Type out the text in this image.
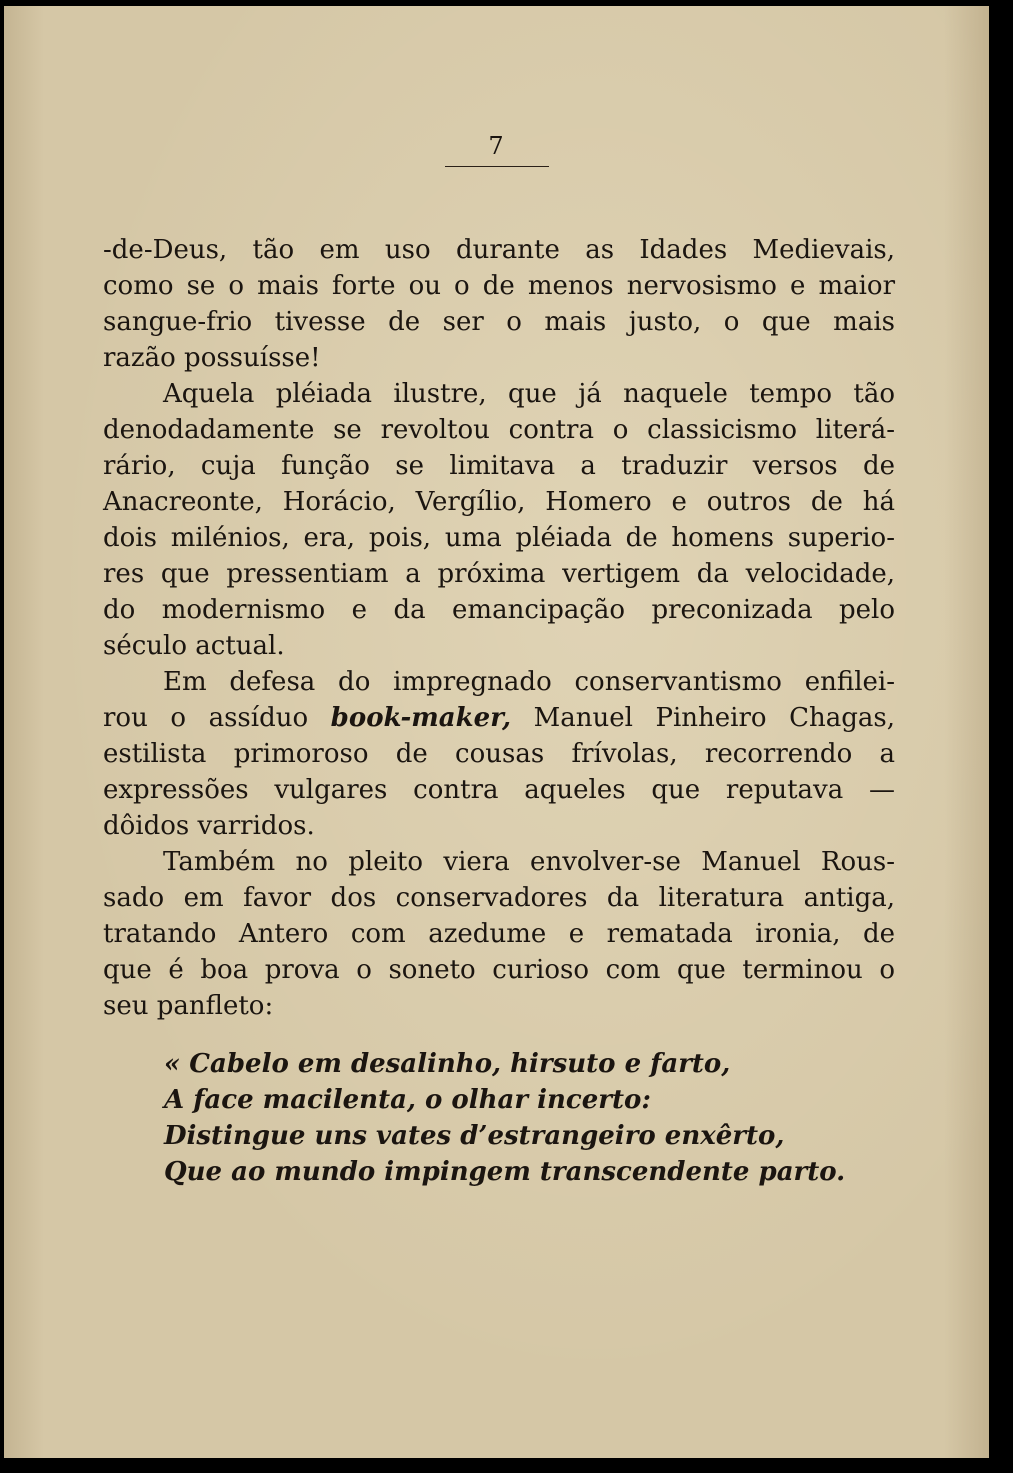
7
-de-Deus, tão em uso durante as Idades Medievais,
como se o mais forte ou o de menos nervosismo e maior
sangue-frio tivesse de ser o mais justo, o que mais
razão possuísse!
Aquela pléiada ilustre, que já naquele tempo tão
denodadamente se revoltou contra o classicismo literá-
rário, cuja função se limitava a traduzir versos de
Anacreonte, Horácio, Vergílio, Homero e outros de há
dois milénios, era, pois, uma pléiada de homens superio-
res que pressentiam a próxima vertigem da velocidade,
do modernismo e da emancipação preconizada pelo
século actual.
Em defesa do impregnado conservantismo enfilei-
rou o assíduo book-maker, Manuel Pinheiro Chagas,
estilista primoroso de cousas frívolas, recorrendo a
expressões vulgares contra aqueles que reputava —
dôidos varridos.
Também no pleito viera envolver-se Manuel Rous-
sado em favor dos conservadores da literatura antiga,
tratando Antero com azedume e rematada ironia, de
que é boa prova o soneto curioso com que terminou o
seu panfleto:
« Cabelo em desalinho, hirsuto e farto,
A face macilenta, o olhar incerto:
Distingue uns vates d’estrangeiro enxêrto,
Que ao mundo impingem transcendente parto.
